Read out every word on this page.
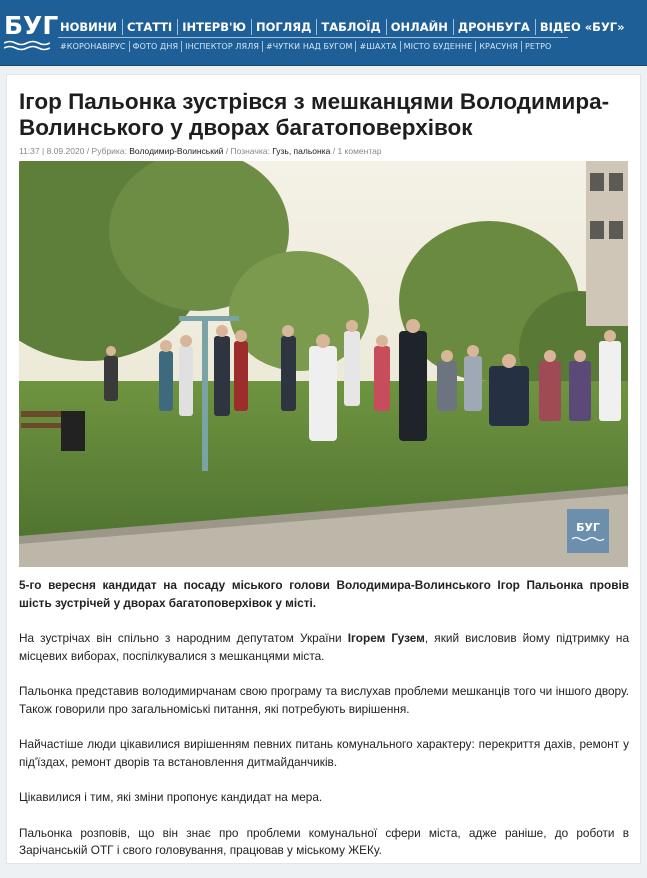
БУГ НОВИНИ СТАТТІ ІНТЕРВ'Ю ПОГЛЯД ТАБЛОЇД ОНЛАЙН ДРОНБУГА ВІДЕО «БУГ»
#КОРОНАВІРУС ФОТО ДНЯ ІНСПЕКТОР ЛЯЛЯ #ЧУТКИ НАД БУГОМ #ШАХТА МІСТО БУДЕННЕ КРАСУНЯ РЕТРО
Ігор Пальонка зустрівся з мешканцями Володимира-Волинського у дворах багатоповерхівок
11:37 | 8.09.2020 / Рубрика: Володимир-Волинський / Позначка: Гузь, пальонка / 1 коментар
БУГ

5-го вересня кандидат на посаду міського голови Володимира-Волинського Ігор Пальонка провів шість зустрічей у дворах багатоповерхівок у місті.

На зустрічах він спільно з народним депутатом України Ігорем Гузем, який висловив йому підтримку на місцевих виборах, поспілкувалися з мешканцями міста.

Пальонка представив володимирчанам свою програму та вислухав проблеми мешканців того чи іншого двору. Також говорили про загальноміські питання, які потребують вирішення.

Найчастіше люди цікавилися вирішенням певних питань комунального характеру: перекриття дахів, ремонт у під'їздах, ремонт дворів та встановлення дитмайданчиків.

Цікавилися і тим, які зміни пропонує кандидат на мера.

Пальонка розповів, що він знає про проблеми комунальної сфери міста, адже раніше, до роботи в Зарічанській ОТГ і свого головування, працював у міському ЖЕКу.
